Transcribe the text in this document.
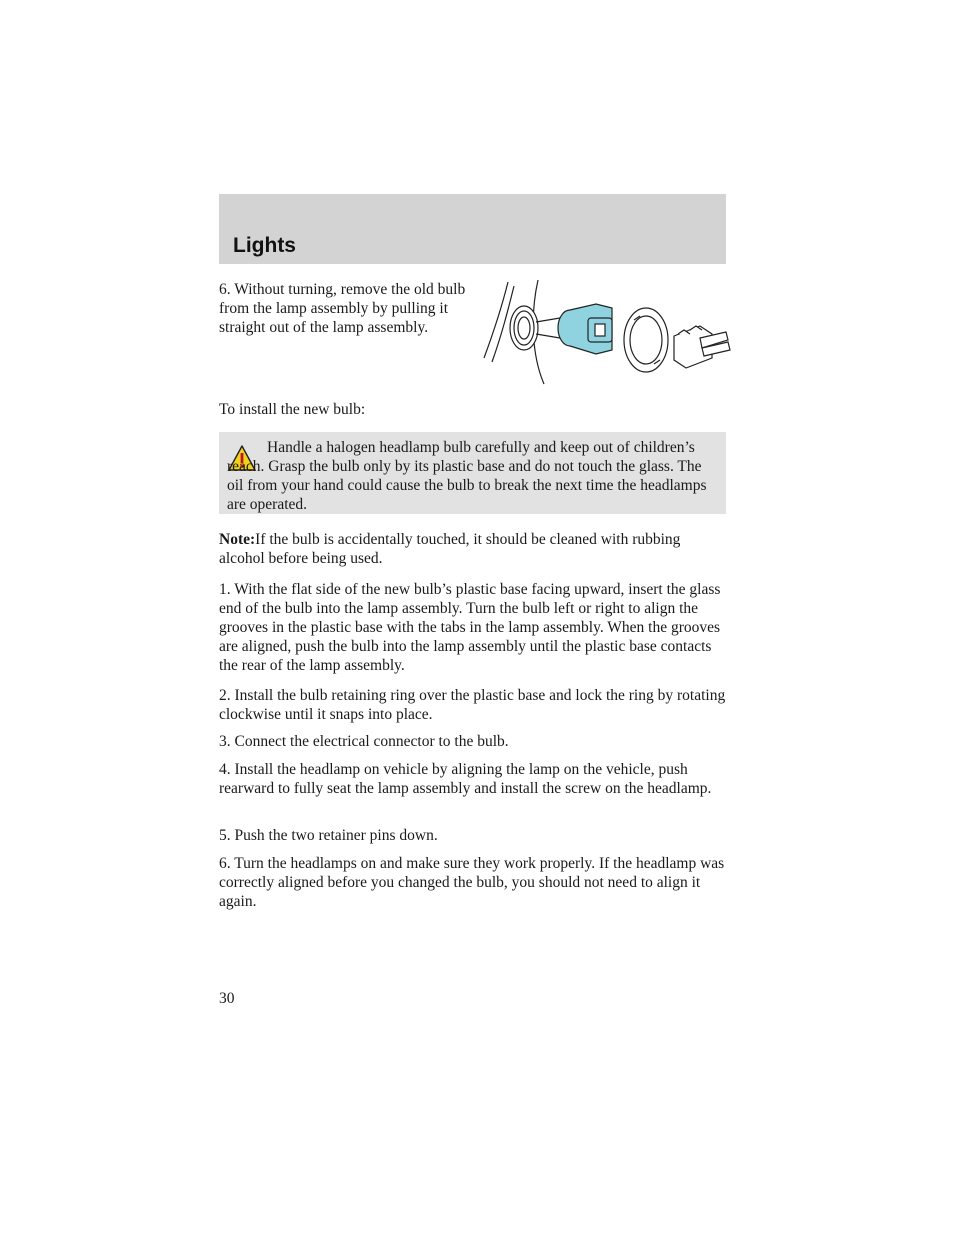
Lights
6. Without turning, remove the old bulb from the lamp assembly by pulling it straight out of the lamp assembly.

To install the new bulb:

Handle a halogen headlamp bulb carefully and keep out of children’s reach. Grasp the bulb only by its plastic base and do not touch the glass. The oil from your hand could cause the bulb to break the next time the headlamps are operated.

Note:If the bulb is accidentally touched, it should be cleaned with rubbing alcohol before being used.

1. With the flat side of the new bulb’s plastic base facing upward, insert the glass end of the bulb into the lamp assembly. Turn the bulb left or right to align the grooves in the plastic base with the tabs in the lamp assembly. When the grooves are aligned, push the bulb into the lamp assembly until the plastic base contacts the rear of the lamp assembly.

2. Install the bulb retaining ring over the plastic base and lock the ring by rotating clockwise until it snaps into place.

3. Connect the electrical connector to the bulb.

4. Install the headlamp on vehicle by aligning the lamp on the vehicle, push rearward to fully seat the lamp assembly and install the screw on the headlamp.

5. Push the two retainer pins down.

6. Turn the headlamps on and make sure they work properly. If the headlamp was correctly aligned before you changed the bulb, you should not need to align it again.

30
